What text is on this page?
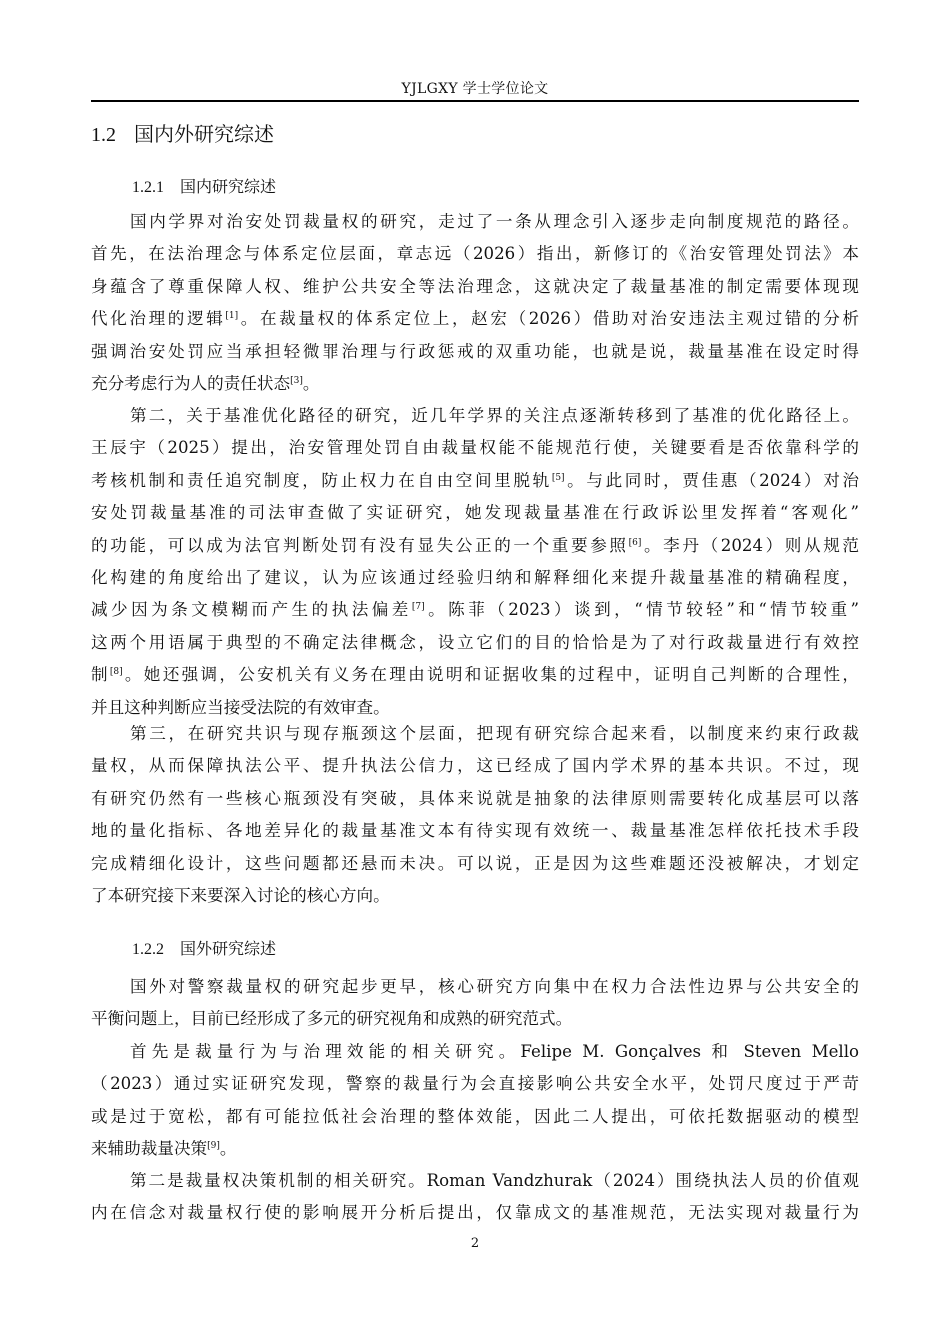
YJLGXY 学士学位论文
1.2 国内外研究综述
1.2.1 国内研究综述
国内学界对治安处罚裁量权的研究，走过了一条从理念引入逐步走向制度规范的路径。
首先，在法治理念与体系定位层面，章志远（2026）指出，新修订的《治安管理处罚法》本
身蕴含了尊重保障人权、维护公共安全等法治理念，这就决定了裁量基准的制定需要体现现
代化治理的逻辑[1]。在裁量权的体系定位上，赵宏（2026）借助对治安违法主观过错的分析
强调治安处罚应当承担轻微罪治理与行政惩戒的双重功能，也就是说，裁量基准在设定时得
充分考虑行为人的责任状态[3]。
第二，关于基准优化路径的研究，近几年学界的关注点逐渐转移到了基准的优化路径上。
王辰宇（2025）提出，治安管理处罚自由裁量权能不能规范行使，关键要看是否依靠科学的
考核机制和责任追究制度，防止权力在自由空间里脱轨[5]。与此同时，贾佳惠（2024）对治
安处罚裁量基准的司法审查做了实证研究，她发现裁量基准在行政诉讼里发挥着“客观化”
的功能，可以成为法官判断处罚有没有显失公正的一个重要参照[6]。李丹（2024）则从规范
化构建的角度给出了建议，认为应该通过经验归纳和解释细化来提升裁量基准的精确程度，
减少因为条文模糊而产生的执法偏差[7]。陈菲（2023）谈到，“情节较轻”和“情节较重”
这两个用语属于典型的不确定法律概念，设立它们的目的恰恰是为了对行政裁量进行有效控
制[8]。她还强调，公安机关有义务在理由说明和证据收集的过程中，证明自己判断的合理性，
并且这种判断应当接受法院的有效审查。
第三，在研究共识与现存瓶颈这个层面，把现有研究综合起来看，以制度来约束行政裁
量权，从而保障执法公平、提升执法公信力，这已经成了国内学术界的基本共识。不过，现
有研究仍然有一些核心瓶颈没有突破，具体来说就是抽象的法律原则需要转化成基层可以落
地的量化指标、各地差异化的裁量基准文本有待实现有效统一、裁量基准怎样依托技术手段
完成精细化设计，这些问题都还悬而未决。可以说，正是因为这些难题还没被解决，才划定
了本研究接下来要深入讨论的核心方向。
1.2.2 国外研究综述
国外对警察裁量权的研究起步更早，核心研究方向集中在权力合法性边界与公共安全的
平衡问题上，目前已经形成了多元的研究视角和成熟的研究范式。
首先是裁量行为与治理效能的相关研究。Felipe M. Gonçalves 和 Steven Mello
（2023）通过实证研究发现，警察的裁量行为会直接影响公共安全水平，处罚尺度过于严苛
或是过于宽松，都有可能拉低社会治理的整体效能，因此二人提出，可依托数据驱动的模型
来辅助裁量决策[9]。
第二是裁量权决策机制的相关研究。Roman Vandzhurak（2024）围绕执法人员的价值观
内在信念对裁量权行使的影响展开分析后提出，仅靠成文的基准规范，无法实现对裁量行为
2
